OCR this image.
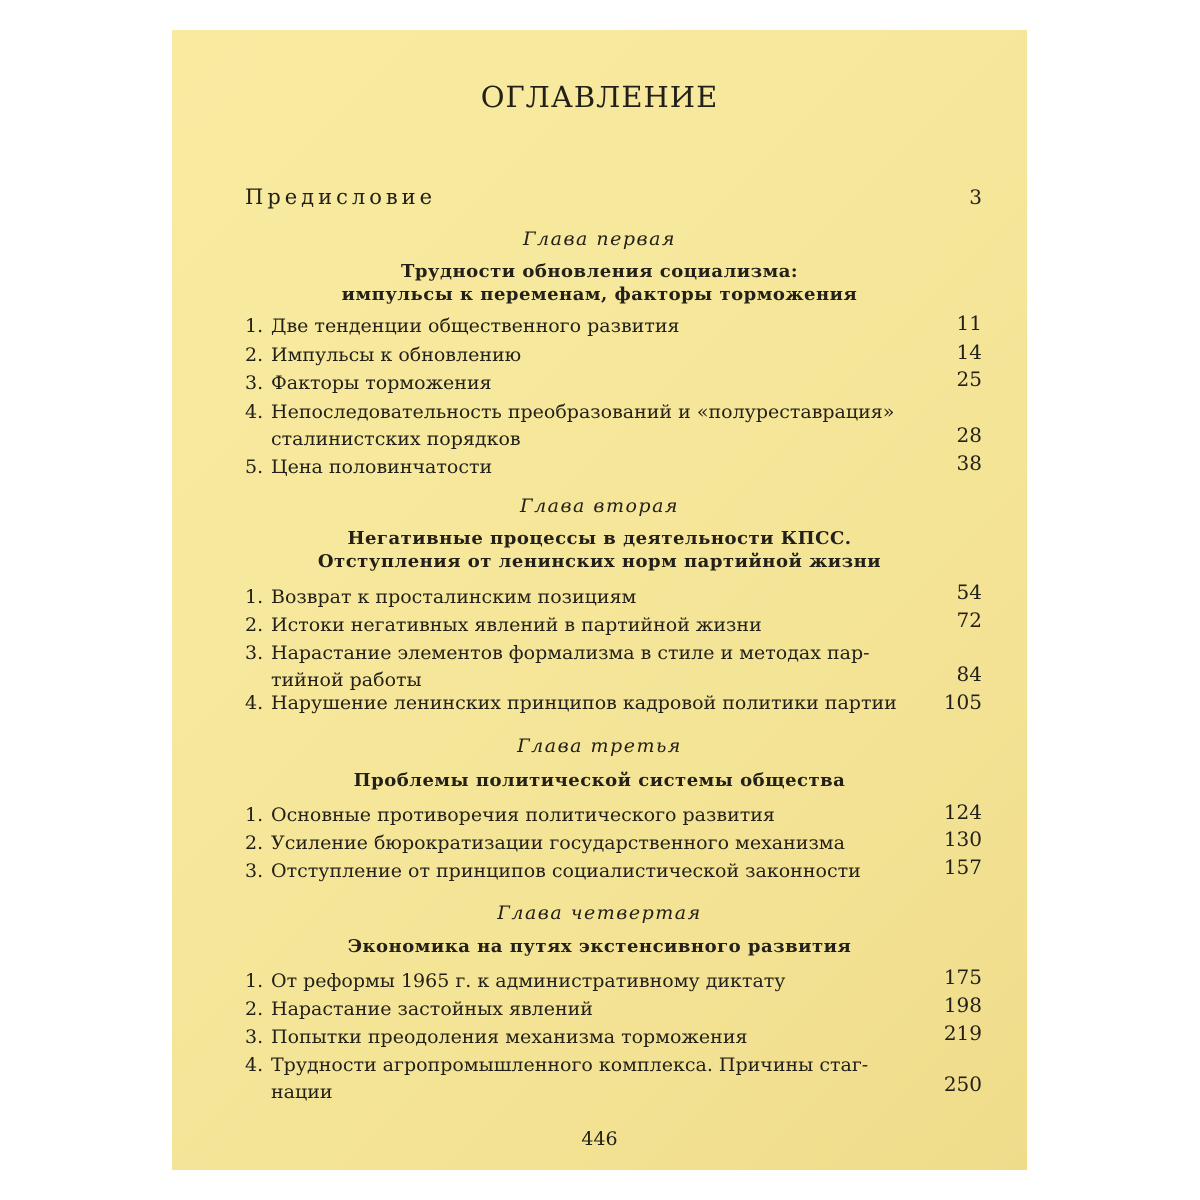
ОГЛАВЛЕНИЕ
Предисловие	3
Глава первая
Трудности обновления социализма:
импульсы к переменам, факторы торможения
1. Две тенденции общественного развития	11
2. Импульсы к обновлению	14
3. Факторы торможения	25
4. Непоследовательность преобразований и «полуреставрация»
сталинистских порядков	28
5. Цена половинчатости	38
Глава вторая
Негативные процессы в деятельности КПСС.
Отступления от ленинских норм партийной жизни
1. Возврат к просталинским позициям	54
2. Истоки негативных явлений в партийной жизни	72
3. Нарастание элементов формализма в стиле и методах пар-
тийной работы	84
4. Нарушение ленинских принципов кадровой политики партии	105
Глава третья
Проблемы политической системы общества
1. Основные противоречия политического развития	124
2. Усиление бюрократизации государственного механизма	130
3. Отступление от принципов социалистической законности	157
Глава четвертая
Экономика на путях экстенсивного развития
1. От реформы 1965 г. к административному диктату	175
2. Нарастание застойных явлений	198
3. Попытки преодоления механизма торможения	219
4. Трудности агропромышленного комплекса. Причины стаг-
нации	250
446
